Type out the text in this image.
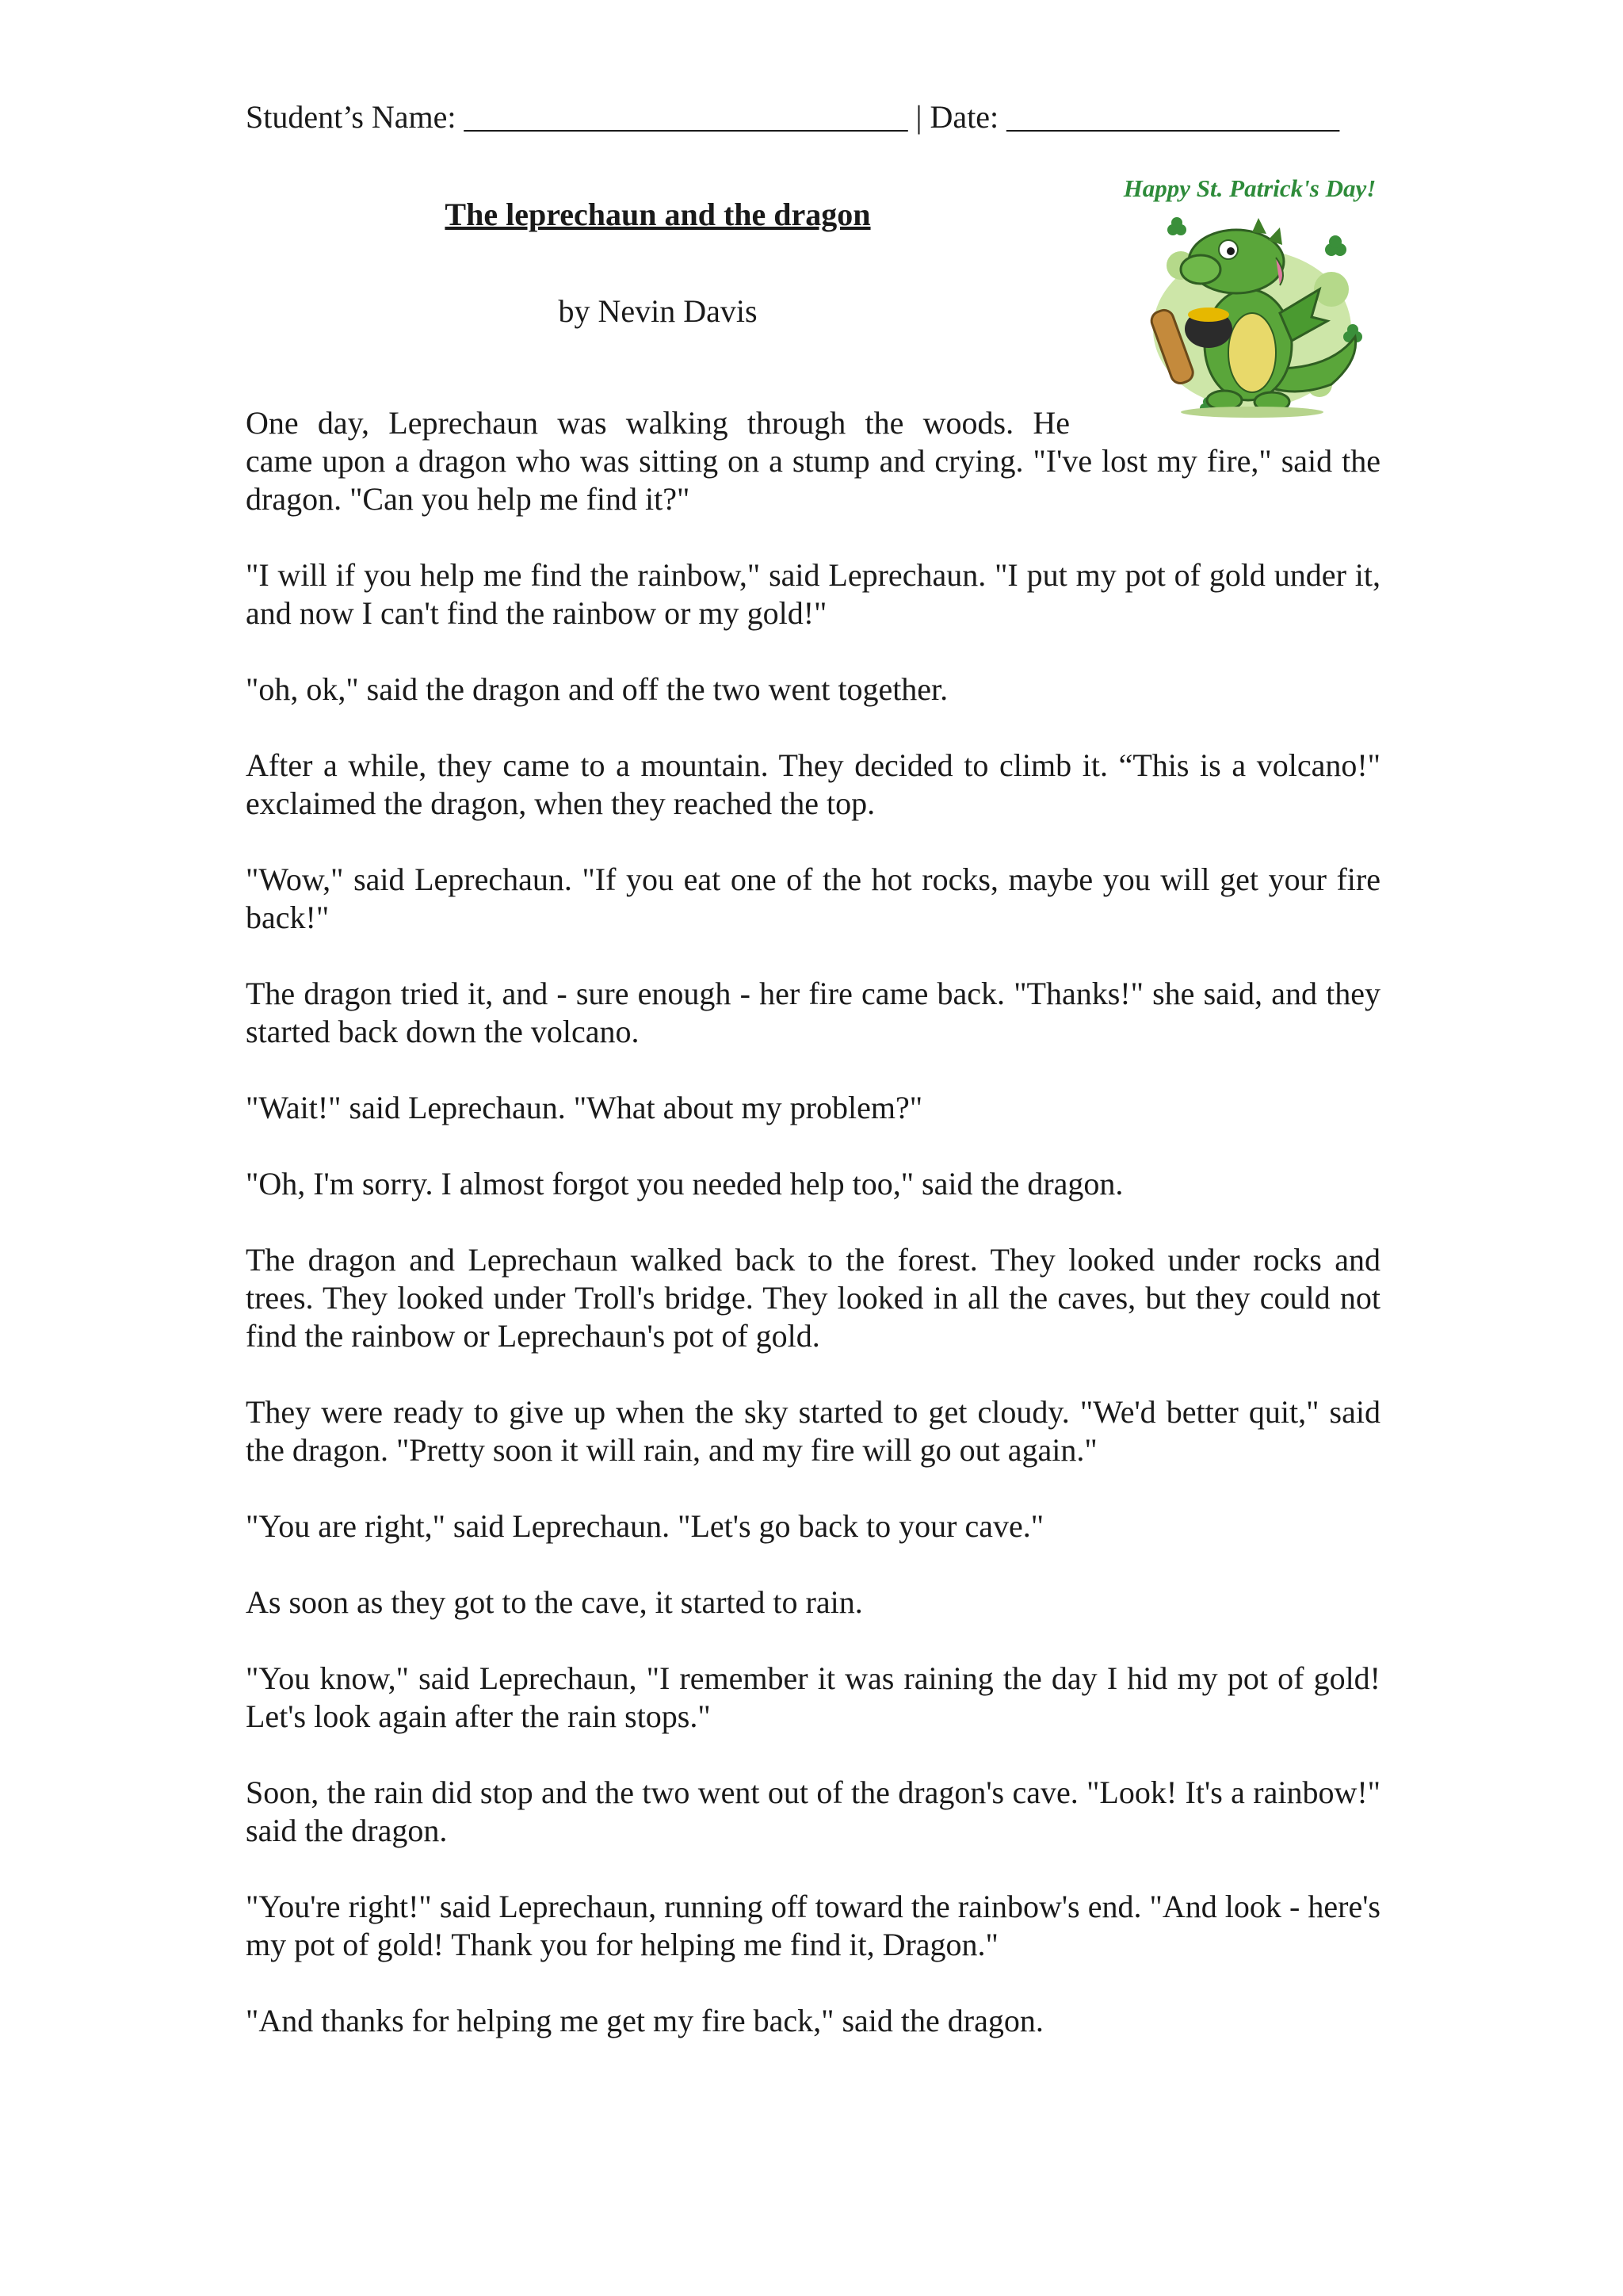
Student’s Name: ____________________________ | Date: _____________________
The leprechaun and the dragon
by Nevin Davis
Happy St. Patrick's Day!

One day, Leprechaun was walking through the woods. He
came upon a dragon who was sitting on a stump and crying. "I've lost my fire," said the dragon. "Can you help me find it?"

"I will if you help me find the rainbow," said Leprechaun. "I put my pot of gold under it, and now I can't find the rainbow or my gold!"

"oh, ok," said the dragon and off the two went together.

After a while, they came to a mountain. They decided to climb it. “This is a volcano!" exclaimed the dragon, when they reached the top.

"Wow," said Leprechaun. "If you eat one of the hot rocks, maybe you will get your fire back!"

The dragon tried it, and - sure enough - her fire came back. "Thanks!" she said, and they started back down the volcano.

"Wait!" said Leprechaun. "What about my problem?"

"Oh, I'm sorry. I almost forgot you needed help too," said the dragon.

The dragon and Leprechaun walked back to the forest. They looked under rocks and trees. They looked under Troll's bridge. They looked in all the caves, but they could not find the rainbow or Leprechaun's pot of gold.

They were ready to give up when the sky started to get cloudy. "We'd better quit," said the dragon. "Pretty soon it will rain, and my fire will go out again."

"You are right," said Leprechaun. "Let's go back to your cave."

As soon as they got to the cave, it started to rain.

"You know," said Leprechaun, "I remember it was raining the day I hid my pot of gold! Let's look again after the rain stops."

Soon, the rain did stop and the two went out of the dragon's cave. "Look! It's a rainbow!" said the dragon.

"You're right!" said Leprechaun, running off toward the rainbow's end. "And look - here's my pot of gold! Thank you for helping me find it, Dragon."

"And thanks for helping me get my fire back," said the dragon.
